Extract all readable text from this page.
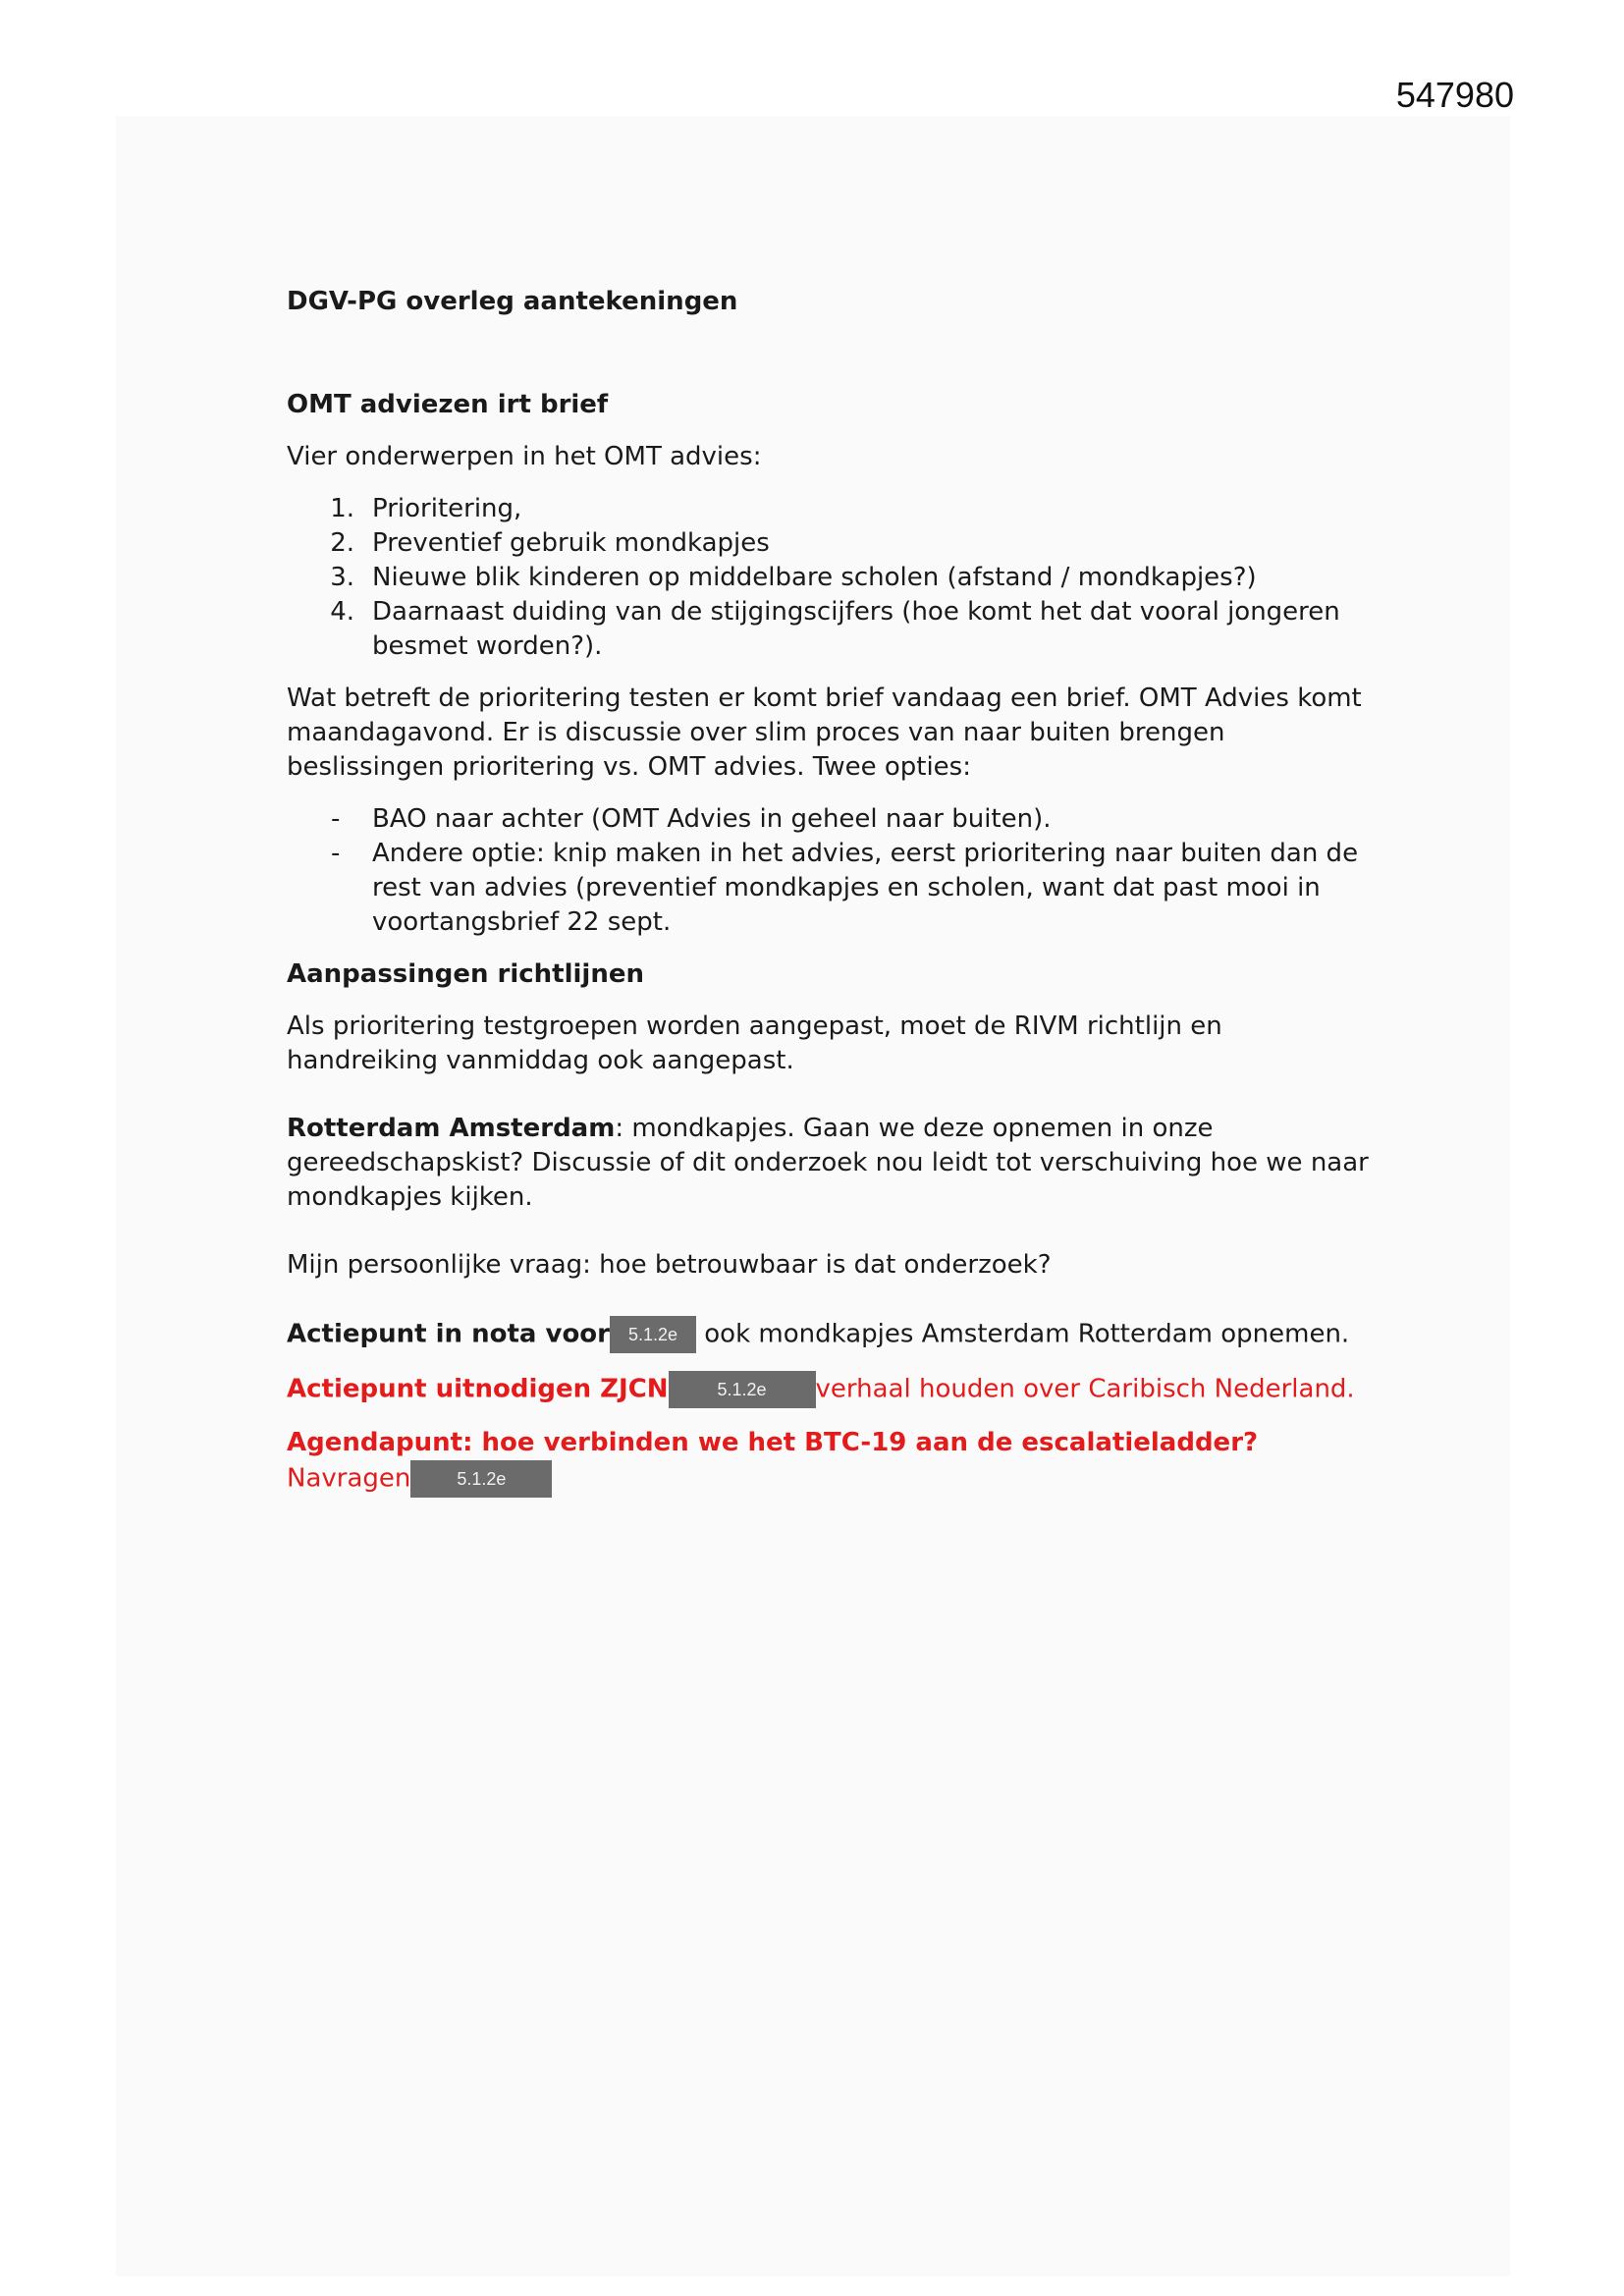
547980
DGV-PG overleg aantekeningen
OMT adviezen irt brief

Vier onderwerpen in het OMT advies:

1. Prioritering,
2. Preventief gebruik mondkapjes
3. Nieuwe blik kinderen op middelbare scholen (afstand / mondkapjes?)
4. Daarnaast duiding van de stijgingscijfers (hoe komt het dat vooral jongeren besmet worden?).

Wat betreft de prioritering testen er komt brief vandaag een brief. OMT Advies komt maandagavond. Er is discussie over slim proces van naar buiten brengen beslissingen prioritering vs. OMT advies. Twee opties:

-	BAO naar achter (OMT Advies in geheel naar buiten).
-	Andere optie: knip maken in het advies, eerst prioritering naar buiten dan de rest van advies (preventief mondkapjes en scholen, want dat past mooi in voortangsbrief 22 sept.
Aanpassingen richtlijnen

Als prioritering testgroepen worden aangepast, moet de RIVM richtlijn en handreiking vanmiddag ook aangepast.

Rotterdam Amsterdam: mondkapjes. Gaan we deze opnemen in onze gereedschapskist? Discussie of dit onderzoek nou leidt tot verschuiving hoe we naar mondkapjes kijken.

Mijn persoonlijke vraag: hoe betrouwbaar is dat onderzoek?

Actiepunt in nota voor 5.1.2e ook mondkapjes Amsterdam Rotterdam opnemen.

Actiepunt uitnodigen ZJCN	5.1.2e verhaal houden over Caribisch Nederland.

Agendapunt: hoe verbinden we het BTC-19 aan de escalatieladder?
Navragen	5.1.2e
